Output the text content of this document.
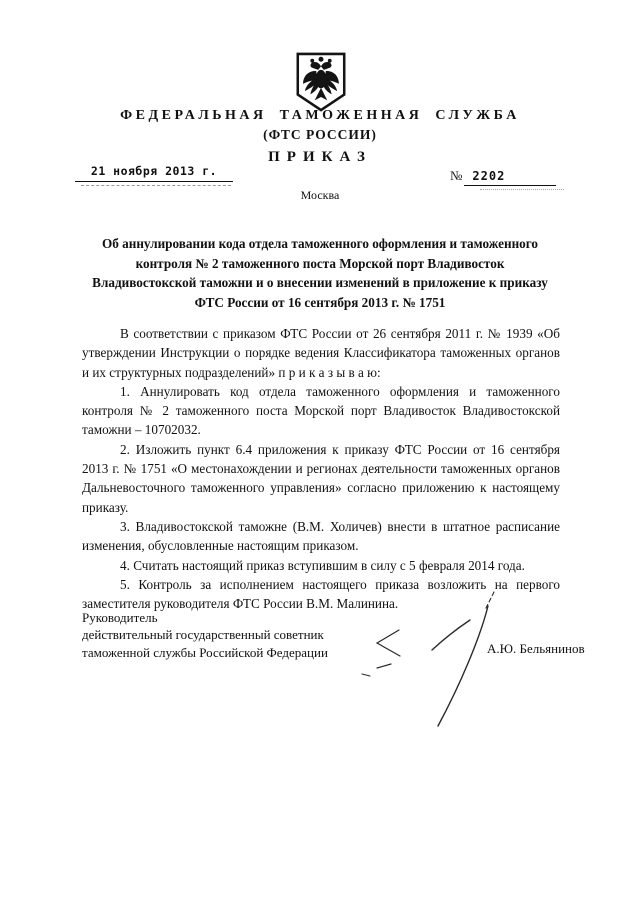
ФЕДЕРАЛЬНАЯ ТАМОЖЕННАЯ СЛУЖБА
(ФТС РОССИИ)
ПРИКАЗ
21 ноября 2013 г.	№ 2202
Москва
Об аннулировании кода отдела таможенного оформления и таможенного контроля № 2 таможенного поста Морской порт Владивосток Владивостокской таможни и о внесении изменений в приложение к приказу ФТС России от 16 сентября 2013 г. № 1751

В соответствии с приказом ФТС России от 26 сентября 2011 г. № 1939 «Об утверждении Инструкции о порядке ведения Классификатора таможенных органов и их структурных подразделений» п р и к а з ы в а ю:

1. Аннулировать код отдела таможенного оформления и таможенного контроля № 2 таможенного поста Морской порт Владивосток Владивостокской таможни – 10702032.

2. Изложить пункт 6.4 приложения к приказу ФТС России от 16 сентября 2013 г. № 1751 «О местонахождении и регионах деятельности таможенных органов Дальневосточного таможенного управления» согласно приложению к настоящему приказу.

3. Владивостокской таможне (В.М. Холичев) внести в штатное расписание изменения, обусловленные настоящим приказом.

4. Считать настоящий приказ вступившим в силу с 5 февраля 2014 года.

5. Контроль за исполнением настоящего приказа возложить на первого заместителя руководителя ФТС России В.М. Малинина.

Руководитель
действительный государственный советник
таможенной службы Российской Федерации	А.Ю. Бельянинов
